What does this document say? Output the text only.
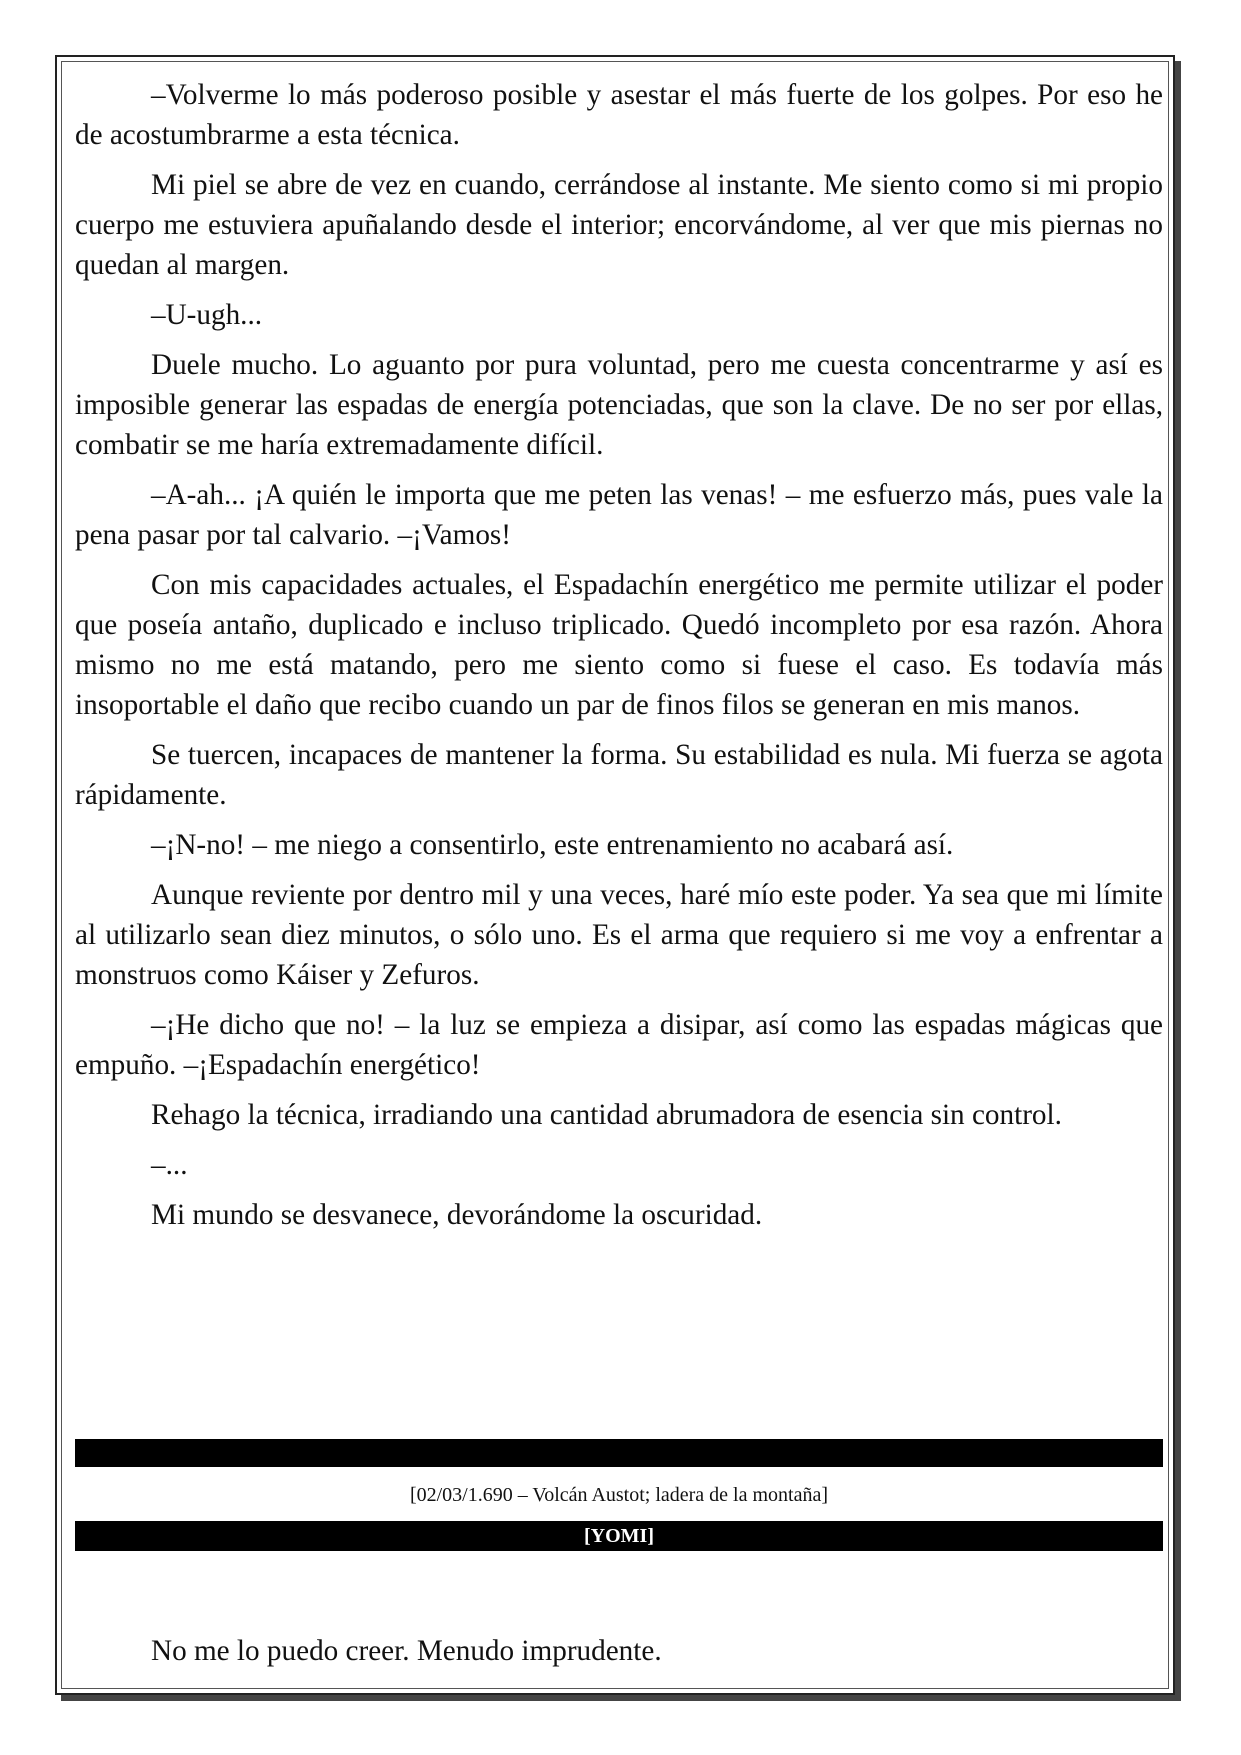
–Volverme lo más poderoso posible y asestar el más fuerte de los golpes. Por eso he de acostumbrarme a esta técnica.

Mi piel se abre de vez en cuando, cerrándose al instante. Me siento como si mi propio cuerpo me estuviera apuñalando desde el interior; encorvándome, al ver que mis piernas no quedan al margen.

–U-ugh...

Duele mucho. Lo aguanto por pura voluntad, pero me cuesta concentrarme y así es imposible generar las espadas de energía potenciadas, que son la clave. De no ser por ellas, combatir se me haría extremadamente difícil.

–A-ah... ¡A quién le importa que me peten las venas! – me esfuerzo más, pues vale la pena pasar por tal calvario. –¡Vamos!

Con mis capacidades actuales, el Espadachín energético me permite utilizar el poder que poseía antaño, duplicado e incluso triplicado. Quedó incompleto por esa razón. Ahora mismo no me está matando, pero me siento como si fuese el caso. Es todavía más insoportable el daño que recibo cuando un par de finos filos se generan en mis manos.

Se tuercen, incapaces de mantener la forma. Su estabilidad es nula. Mi fuerza se agota rápidamente.

–¡N-no! – me niego a consentirlo, este entrenamiento no acabará así.

Aunque reviente por dentro mil y una veces, haré mío este poder. Ya sea que mi límite al utilizarlo sean diez minutos, o sólo uno. Es el arma que requiero si me voy a enfrentar a monstruos como Káiser y Zefuros.

–¡He dicho que no! – la luz se empieza a disipar, así como las espadas mágicas que empuño. –¡Espadachín energético!

Rehago la técnica, irradiando una cantidad abrumadora de esencia sin control.

–...

Mi mundo se desvanece, devorándome la oscuridad.

[02/03/1.690 – Volcán Austot; ladera de la montaña]
[YOMI]

No me lo puedo creer. Menudo imprudente.
